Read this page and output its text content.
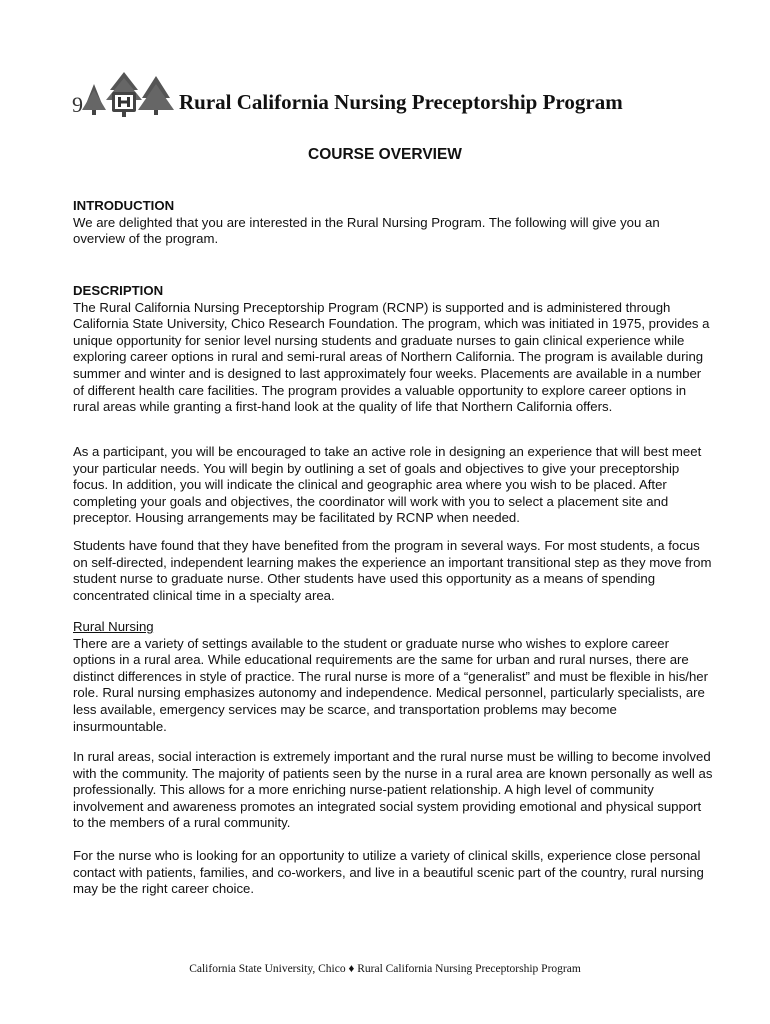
9	Rural California Nursing Preceptorship Program
COURSE OVERVIEW

INTRODUCTION

We are delighted that you are interested in the Rural Nursing Program. The following will give you an overview of the program.

DESCRIPTION

The Rural California Nursing Preceptorship Program (RCNP) is supported and is administered through California State University, Chico Research Foundation. The program, which was initiated in 1975, provides a unique opportunity for senior level nursing students and graduate nurses to gain clinical experience while exploring career options in rural and semi-rural areas of Northern California. The program is available during summer and winter and is designed to last approximately four weeks. Placements are available in a number of different health care facilities. The program provides a valuable opportunity to explore career options in rural areas while granting a first-hand look at the quality of life that Northern California offers.

As a participant, you will be encouraged to take an active role in designing an experience that will best meet your particular needs. You will begin by outlining a set of goals and objectives to give your preceptorship focus. In addition, you will indicate the clinical and geographic area where you wish to be placed. After completing your goals and objectives, the coordinator will work with you to select a placement site and preceptor. Housing arrangements may be facilitated by RCNP when needed.

Students have found that they have benefited from the program in several ways. For most students, a focus on self-directed, independent learning makes the experience an important transitional step as they move from student nurse to graduate nurse. Other students have used this opportunity as a means of spending concentrated clinical time in a specialty area.

Rural Nursing

There are a variety of settings available to the student or graduate nurse who wishes to explore career options in a rural area. While educational requirements are the same for urban and rural nurses, there are distinct differences in style of practice. The rural nurse is more of a “generalist” and must be flexible in his/her role. Rural nursing emphasizes autonomy and independence. Medical personnel, particularly specialists, are less available, emergency services may be scarce, and transportation problems may become insurmountable.

In rural areas, social interaction is extremely important and the rural nurse must be willing to become involved with the community. The majority of patients seen by the nurse in a rural area are known personally as well as professionally. This allows for a more enriching nurse-patient relationship. A high level of community involvement and awareness promotes an integrated social system providing emotional and physical support to the members of a rural community.

For the nurse who is looking for an opportunity to utilize a variety of clinical skills, experience close personal contact with patients, families, and co-workers, and live in a beautiful scenic part of the country, rural nursing may be the right career choice.

California State University, Chico ♦ Rural California Nursing Preceptorship Program
